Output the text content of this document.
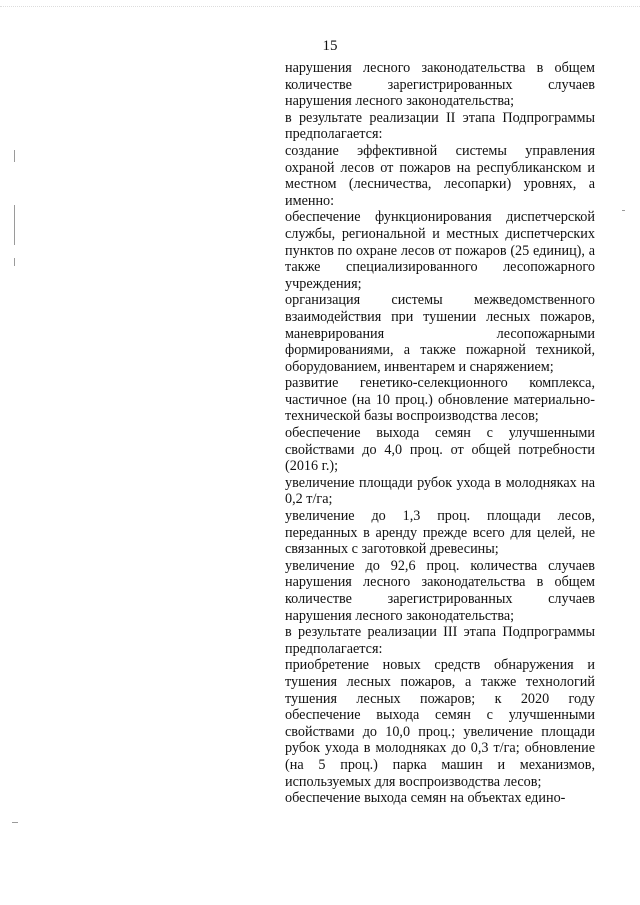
15

нарушения лесного законодательства в общем количестве зарегистрированных случаев нарушения лесного законодательства;

в результате реализации II этапа Подпрограммы предполагается:

создание эффективной системы управления охраной лесов от пожаров на республиканском и местном (лесничества, лесопарки) уровнях, а именно:

обеспечение функционирования диспетчерской службы, региональной и местных диспетчерских пунктов по охране лесов от пожаров (25 единиц), а также специализированного лесопожарного учреждения;

организация системы межведомственного взаимодействия при тушении лесных пожаров, маневрирования лесопожарными формированиями, а также пожарной техникой, оборудованием, инвентарем и снаряжением;

развитие генетико-селекционного комплекса, частичное (на 10 проц.) обновление материально-технической базы воспроизводства лесов;

обеспечение выхода семян с улучшенными свойствами до 4,0 проц. от общей потребности (2016 г.);

увеличение площади рубок ухода в молодняках на 0,2 т/га;

увеличение до 1,3 проц. площади лесов, переданных в аренду прежде всего для целей, не связанных с заготовкой древесины;

увеличение до 92,6 проц. количества случаев нарушения лесного законодательства в общем количестве зарегистрированных случаев нарушения лесного законодательства;

в результате реализации III этапа Подпрограммы предполагается:

приобретение новых средств обнаружения и тушения лесных пожаров, а также технологий тушения лесных пожаров; к 2020 году обеспечение выхода семян с улучшенными свойствами до 10,0 проц.; увеличение площади рубок ухода в молодняках до 0,3 т/га; обновление (на 5 проц.) парка машин и механизмов, используемых для воспроизводства лесов;

обеспечение выхода семян на объектах едино-
